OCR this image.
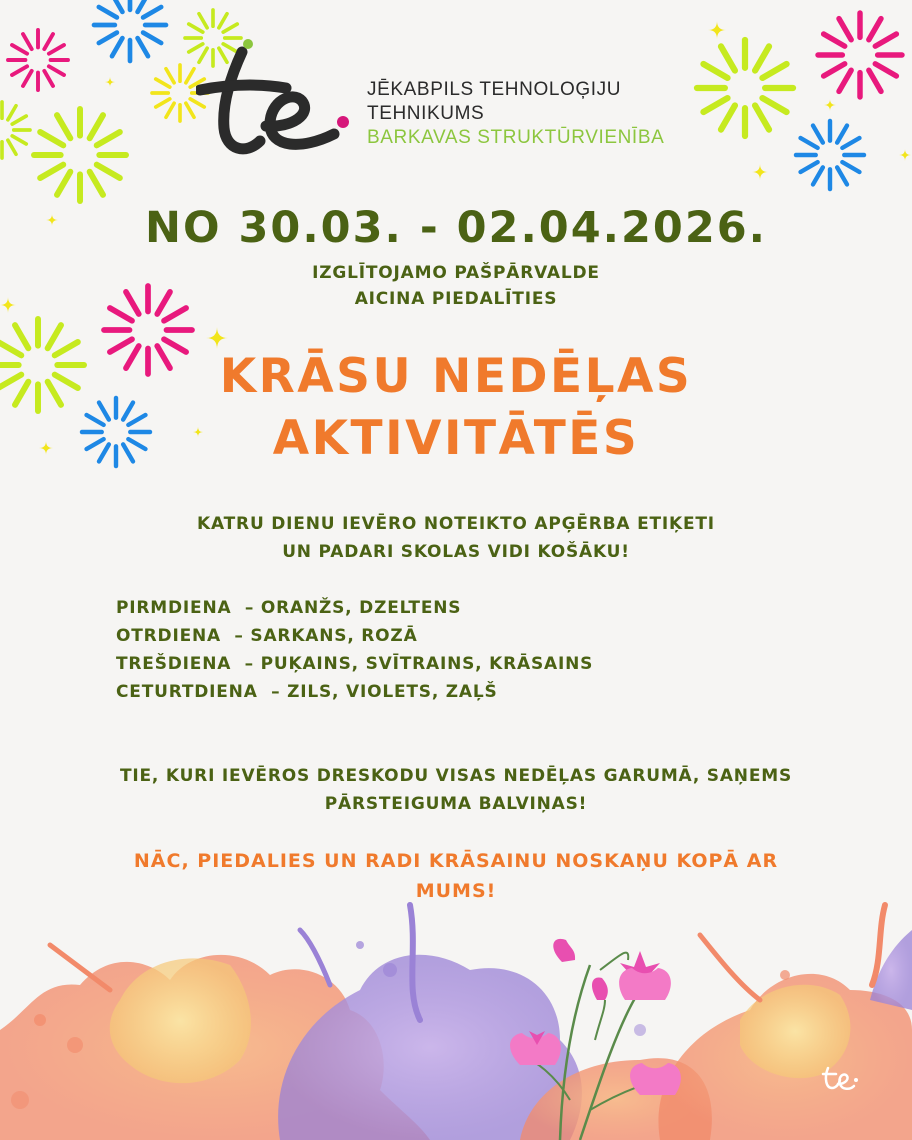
JĒKABPILS TEHNOLOĢIJU
TEHNIKUMS
BARKAVAS STRUKTŪRVIENĪBA
NO 30.03. - 02.04.2026.
IZGLĪTOJAMO PAŠPĀRVALDE
AICINA PIEDALĪTIES
KRĀSU NEDĒĻAS
AKTIVITĀTĒS
KATRU DIENU IEVĒRO NOTEIKTO APĢĒRBA ETIĶETI
UN PADARI SKOLAS VIDI KOŠĀKU!
PIRMDIENA  – ORANŽS, DZELTENS
OTRDIENA  – SARKANS, ROZĀ
TREŠDIENA  – PUĶAINS, SVĪTRAINS, KRĀSAINS
CETURTDIENA  – ZILS, VIOLETS, ZAĻŠ
TIE, KURI IEVĒROS DRESKODU VISAS NEDĒĻAS GARUMĀ, SAŅEMS
PĀRSTEIGUMA BALVIŅAS!
NĀC, PIEDALIES UN RADI KRĀSAINU NOSKAŅU KOPĀ AR
MUMS!
